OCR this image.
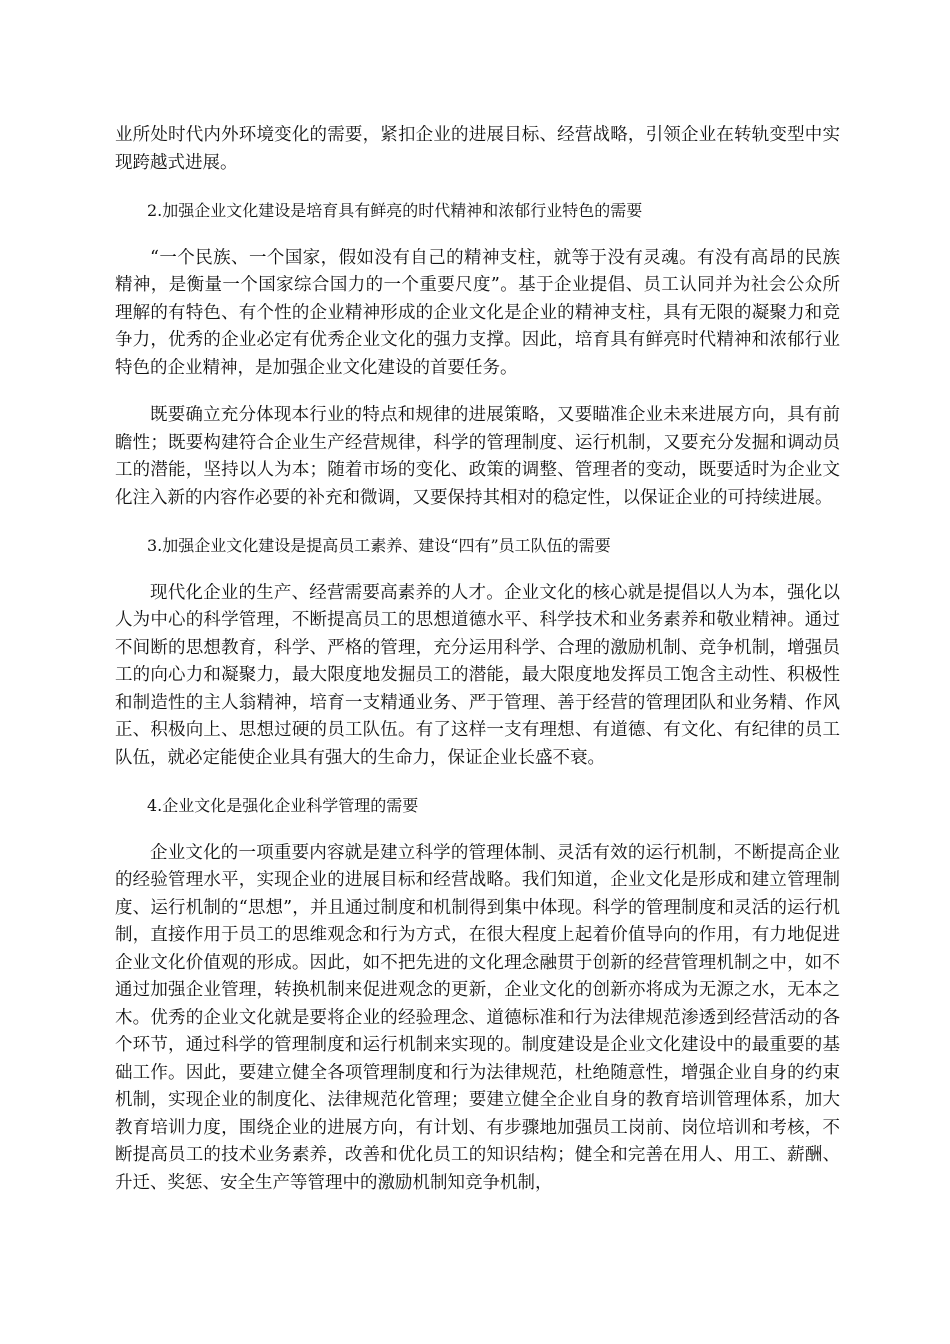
业所处时代内外环境变化的需要，紧扣企业的进展目标、经营战略，引领企业在转轨变型中实现跨越式进展。

2.加强企业文化建设是培育具有鲜亮的时代精神和浓郁行业特色的需要

“一个民族、一个国家，假如没有自己的精神支柱，就等于没有灵魂。有没有高昂的民族精神，是衡量一个国家综合国力的一个重要尺度”。基于企业提倡、员工认同并为社会公众所理解的有特色、有个性的企业精神形成的企业文化是企业的精神支柱，具有无限的凝聚力和竞争力，优秀的企业必定有优秀企业文化的强力支撑。因此，培育具有鲜亮时代精神和浓郁行业特色的企业精神，是加强企业文化建设的首要任务。

既要确立充分体现本行业的特点和规律的进展策略，又要瞄准企业未来进展方向，具有前瞻性；既要构建符合企业生产经营规律，科学的管理制度、运行机制，又要充分发掘和调动员工的潜能，坚持以人为本；随着市场的变化、政策的调整、管理者的变动，既要适时为企业文化注入新的内容作必要的补充和微调，又要保持其相对的稳定性，以保证企业的可持续进展。

3.加强企业文化建设是提高员工素养、建设“四有”员工队伍的需要

现代化企业的生产、经营需要高素养的人才。企业文化的核心就是提倡以人为本，强化以人为中心的科学管理，不断提高员工的思想道德水平、科学技术和业务素养和敬业精神。通过不间断的思想教育，科学、严格的管理，充分运用科学、合理的激励机制、竞争机制，增强员工的向心力和凝聚力，最大限度地发掘员工的潜能，最大限度地发挥员工饱含主动性、积极性和制造性的主人翁精神，培育一支精通业务、严于管理、善于经营的管理团队和业务精、作风正、积极向上、思想过硬的员工队伍。有了这样一支有理想、有道德、有文化、有纪律的员工队伍，就必定能使企业具有强大的生命力，保证企业长盛不衰。

4.企业文化是强化企业科学管理的需要

企业文化的一项重要内容就是建立科学的管理体制、灵活有效的运行机制，不断提高企业的经验管理水平，实现企业的进展目标和经营战略。我们知道，企业文化是形成和建立管理制度、运行机制的“思想”，并且通过制度和机制得到集中体现。科学的管理制度和灵活的运行机制，直接作用于员工的思维观念和行为方式，在很大程度上起着价值导向的作用，有力地促进企业文化价值观的形成。因此，如不把先进的文化理念融贯于创新的经营管理机制之中，如不通过加强企业管理，转换机制来促进观念的更新，企业文化的创新亦将成为无源之水，无本之木。优秀的企业文化就是要将企业的经验理念、道德标准和行为法律规范渗透到经营活动的各个环节，通过科学的管理制度和运行机制来实现的。制度建设是企业文化建设中的最重要的基础工作。因此，要建立健全各项管理制度和行为法律规范，杜绝随意性，增强企业自身的约束机制，实现企业的制度化、法律规范化管理；要建立健全企业自身的教育培训管理体系，加大教育培训力度，围绕企业的进展方向，有计划、有步骤地加强员工岗前、岗位培训和考核，不断提高员工的技术业务素养，改善和优化员工的知识结构；健全和完善在用人、用工、薪酬、升迁、奖惩、安全生产等管理中的激励机制知竞争机制，
